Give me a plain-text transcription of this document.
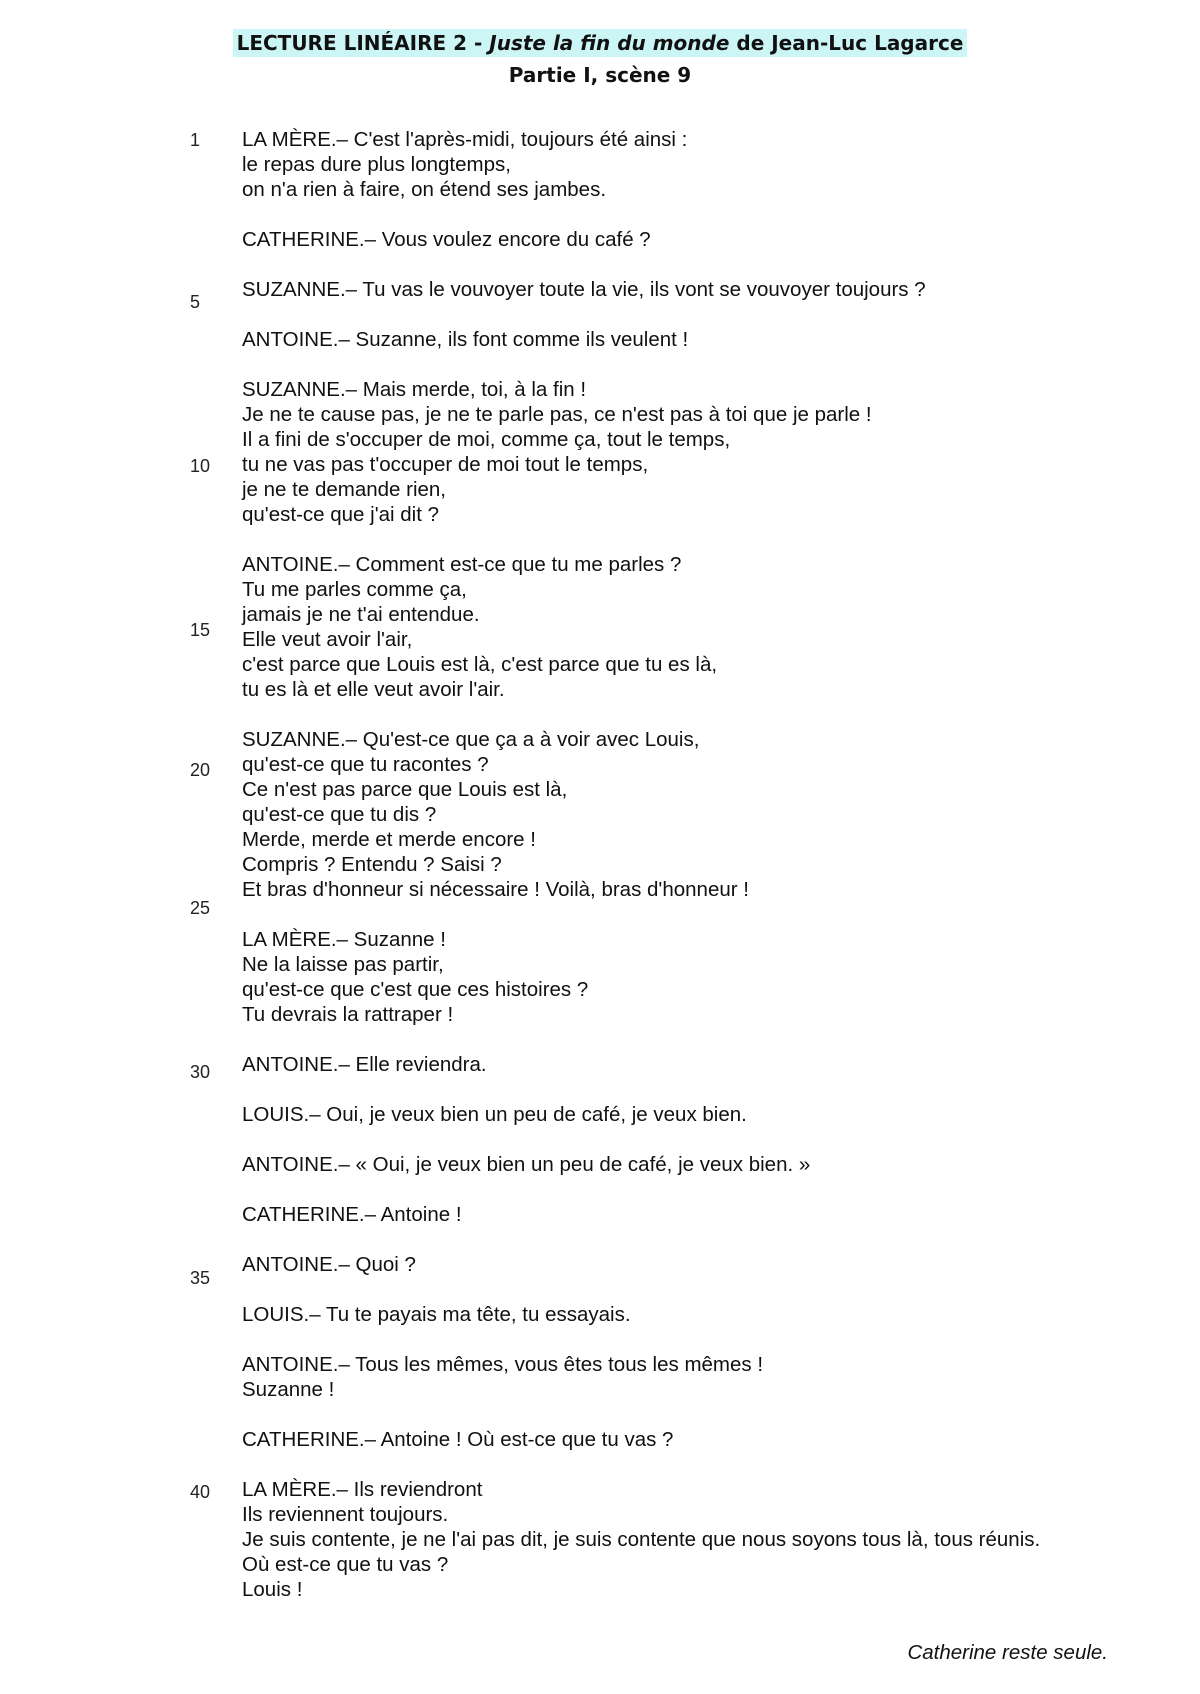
LECTURE LINÉAIRE 2 - Juste la fin du monde de Jean-Luc Lagarce
Partie I, scène 9
1
5
10
15
20
25
30
35
40
LA MÈRE.– C'est l'après-midi, toujours été ainsi :
le repas dure plus longtemps,
on n'a rien à faire, on étend ses jambes.
CATHERINE.– Vous voulez encore du café ?
SUZANNE.– Tu vas le vouvoyer toute la vie, ils vont se vouvoyer toujours ?
ANTOINE.– Suzanne, ils font comme ils veulent !
SUZANNE.– Mais merde, toi, à la fin !
Je ne te cause pas, je ne te parle pas, ce n'est pas à toi que je parle !
Il a fini de s'occuper de moi, comme ça, tout le temps,
tu ne vas pas t'occuper de moi tout le temps,
je ne te demande rien,
qu'est-ce que j'ai dit ?
ANTOINE.– Comment est-ce que tu me parles ?
Tu me parles comme ça,
jamais je ne t'ai entendue.
Elle veut avoir l'air,
c'est parce que Louis est là, c'est parce que tu es là,
tu es là et elle veut avoir l'air.
SUZANNE.– Qu'est-ce que ça a à voir avec Louis,
qu'est-ce que tu racontes ?
Ce n'est pas parce que Louis est là,
qu'est-ce que tu dis ?
Merde, merde et merde encore !
Compris ? Entendu ? Saisi ?
Et bras d'honneur si nécessaire ! Voilà, bras d'honneur !
LA MÈRE.– Suzanne !
Ne la laisse pas partir,
qu'est-ce que c'est que ces histoires ?
Tu devrais la rattraper !
ANTOINE.– Elle reviendra.
LOUIS.– Oui, je veux bien un peu de café, je veux bien.
ANTOINE.– « Oui, je veux bien un peu de café, je veux bien. »
CATHERINE.– Antoine !
ANTOINE.– Quoi ?
LOUIS.– Tu te payais ma tête, tu essayais.
ANTOINE.– Tous les mêmes, vous êtes tous les mêmes !
Suzanne !
CATHERINE.– Antoine ! Où est-ce que tu vas ?
LA MÈRE.– Ils reviendront
Ils reviennent toujours.
Je suis contente, je ne l'ai pas dit, je suis contente que nous soyons tous là, tous réunis.
Où est-ce que tu vas ?
Louis !
Catherine reste seule.
